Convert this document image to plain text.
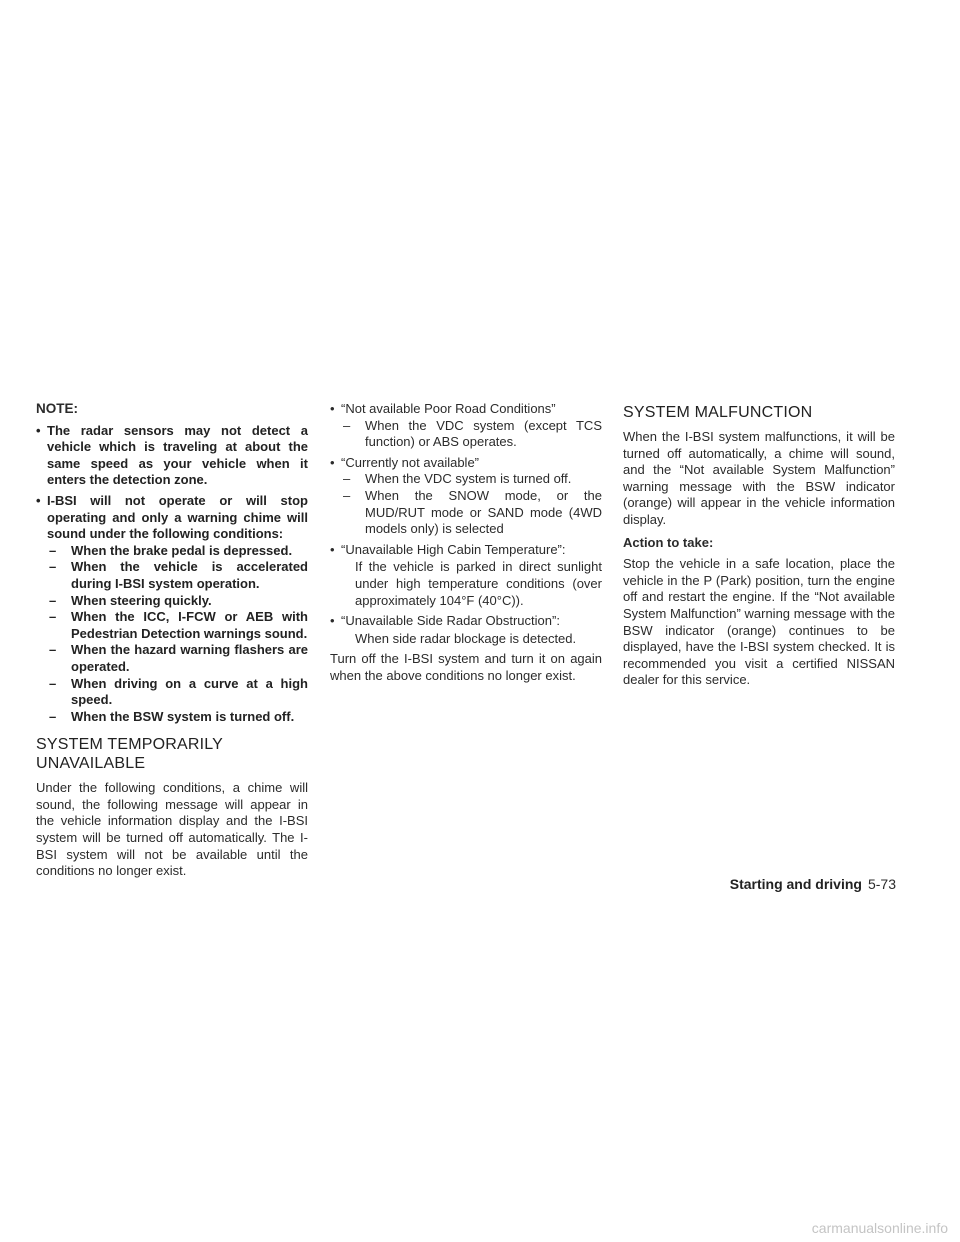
NOTE:
• The radar sensors may not detect a vehicle which is traveling at about the same speed as your vehicle when it enters the detection zone.
• I-BSI will not operate or will stop operating and only a warning chime will sound under the following conditions:
– When the brake pedal is depressed.
– When the vehicle is accelerated during I-BSI system operation.
– When steering quickly.
– When the ICC, I-FCW or AEB with Pedestrian Detection warnings sound.
– When the hazard warning flashers are operated.
– When driving on a curve at a high speed.
– When the BSW system is turned off.
SYSTEM TEMPORARILY UNAVAILABLE

Under the following conditions, a chime will sound, the following message will appear in the vehicle information display and the I-BSI system will be turned off automatically. The I-BSI system will not be available until the conditions no longer exist.

• “Not available Poor Road Conditions”
– When the VDC system (except TCS function) or ABS operates.
• “Currently not available”
– When the VDC system is turned off.
– When the SNOW mode, or the MUD/RUT mode or SAND mode (4WD models only) is selected
• “Unavailable High Cabin Temperature”:
If the vehicle is parked in direct sunlight under high temperature conditions (over approximately 104°F (40°C)).
• “Unavailable Side Radar Obstruction”:
When side radar blockage is detected.

Turn off the I-BSI system and turn it on again when the above conditions no longer exist.

SYSTEM MALFUNCTION

When the I-BSI system malfunctions, it will be turned off automatically, a chime will sound, and the “Not available System Malfunction” warning message with the BSW indicator (orange) will appear in the vehicle information display.

Action to take:

Stop the vehicle in a safe location, place the vehicle in the P (Park) position, turn the engine off and restart the engine. If the “Not available System Malfunction” warning message with the BSW indicator (orange) continues to be displayed, have the I-BSI system checked. It is recommended you visit a certified NISSAN dealer for this service.

Starting and driving 5-73
carmanualsonline.info
